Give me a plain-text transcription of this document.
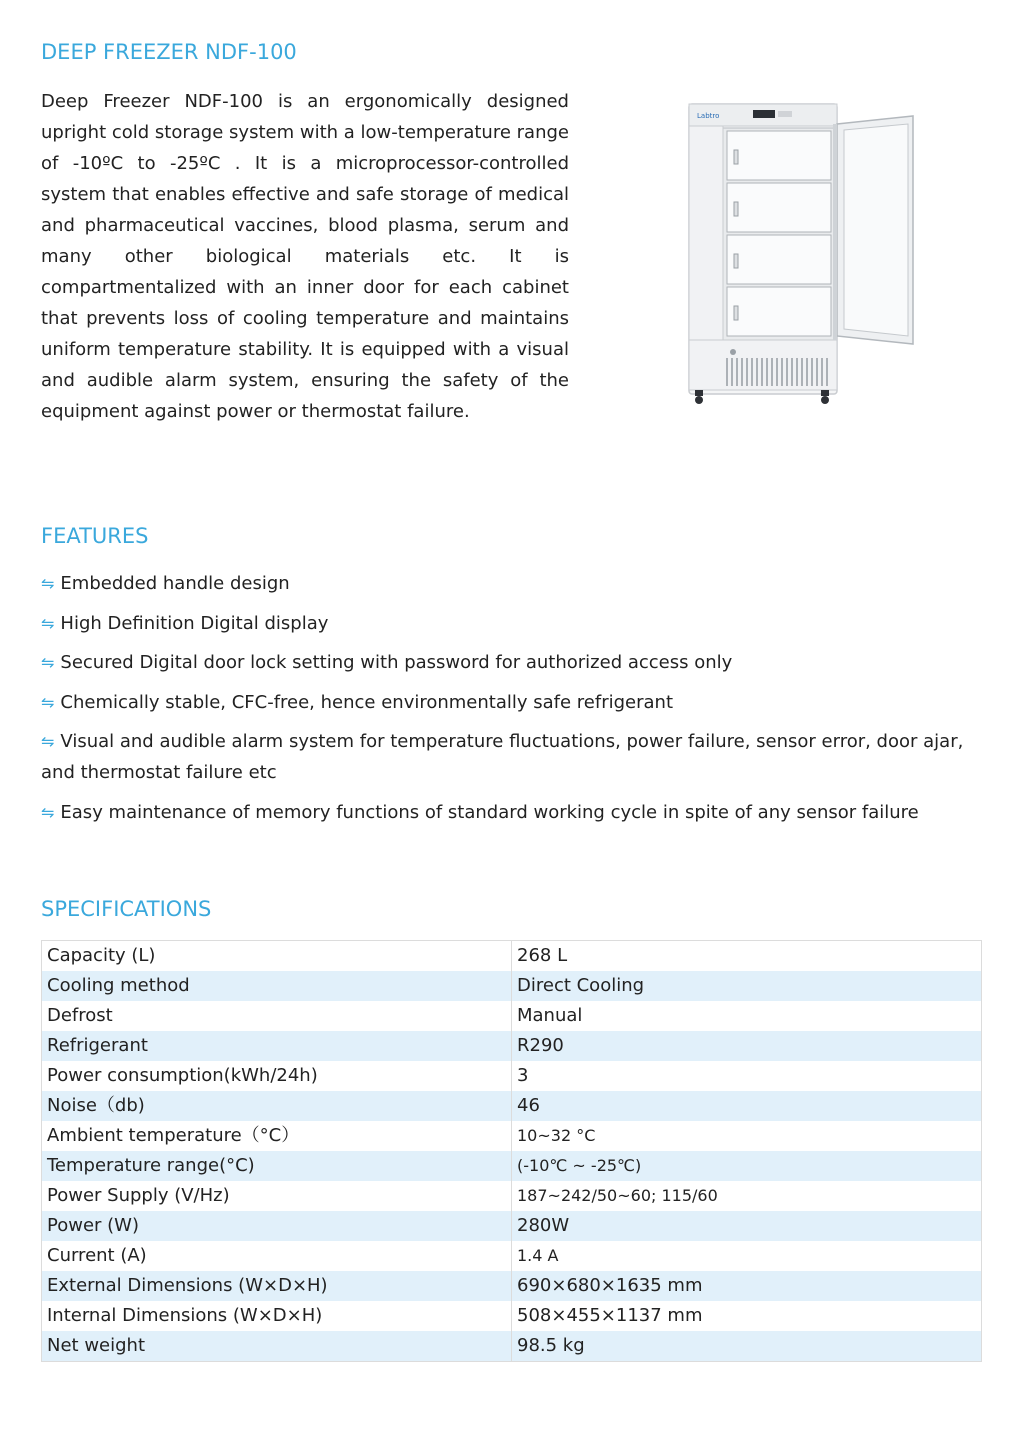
DEEP FREEZER NDF-100

Deep Freezer NDF-100 is an ergonomically designed upright cold storage system with a low-temperature range of -10ºC to -25ºC . It is a microprocessor-controlled system that enables effective and safe storage of medical and pharmaceutical vaccines, blood plasma, serum and many other biological materials etc. It is compartmentalized with an inner door for each cabinet that prevents loss of cooling temperature and maintains uniform temperature stability. It is equipped with a visual and audible alarm system, ensuring the safety of the equipment against power or thermostat failure.

Labtro
FEATURES
⇋ Embedded handle design
⇋ High Definition Digital display
⇋ Secured Digital door lock setting with password for authorized access only
⇋ Chemically stable, CFC-free, hence environmentally safe refrigerant
⇋ Visual and audible alarm system for temperature fluctuations, power failure, sensor error, door ajar, and thermostat failure etc
⇋ Easy maintenance of memory functions of standard working cycle in spite of any sensor failure
SPECIFICATIONS
Capacity (L)	268 L
Cooling method	Direct Cooling
Defrost	Manual
Refrigerant	R290
Power consumption(kWh/24h)	3
Noise（db)	46
Ambient temperature（°C）	10~32 °C
Temperature range(°C)	(-10℃ ~ -25℃)
Power Supply (V/Hz)	187~242/50~60; 115/60
Power (W)	280W
Current (A)	1.4 A
External Dimensions (W×D×H)	690×680×1635 mm
Internal Dimensions (W×D×H)	508×455×1137 mm
Net weight	98.5 kg
